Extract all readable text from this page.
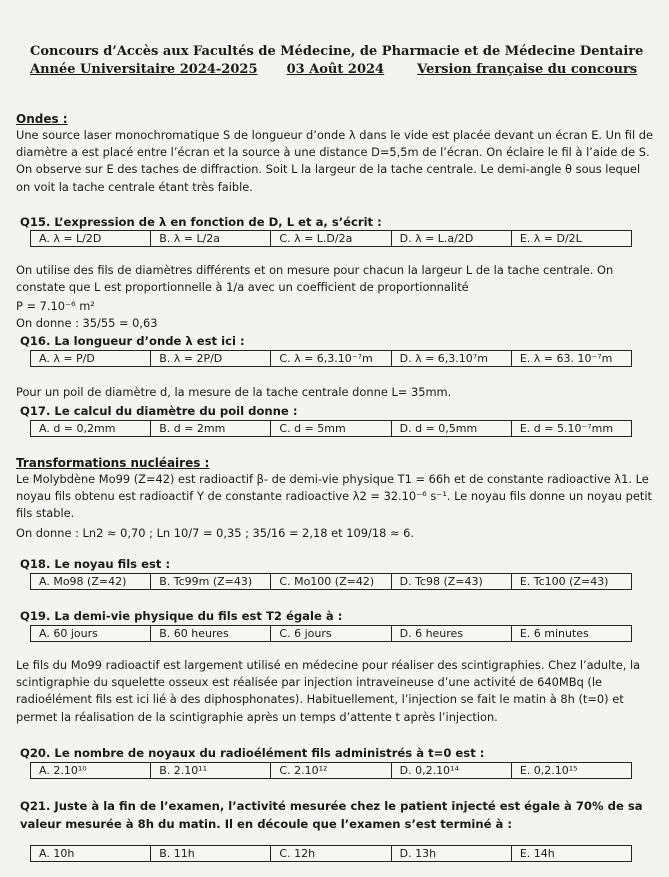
Concours d’Accès aux Facultés de Médecine, de Pharmacie et de Médecine Dentaire
Année Universitaire 2024-2025 03 Août 2024	Version française du concours
Ondes :
Une source laser monochromatique S de longueur d’onde λ dans le vide est placée devant un écran E. Un fil de diamètre a est placé entre l’écran et la source à une distance D=5,5m de l’écran. On éclaire le fil à l’aide de S. On observe sur E des taches de diffraction. Soit L la largeur de la tache centrale. Le demi-angle θ sous lequel on voit la tache centrale étant très faible.
Q15. L’expression de λ en fonction de D, L et a, s’écrit :
A. λ = L/2D	B. λ = L/2a	C. λ = L.D/2a	D. λ = L.a/2D	E. λ = D/2L
On utilise des fils de diamètres différents et on mesure pour chacun la largeur L de la tache centrale. On constate que L est proportionnelle à 1/a avec un coefficient de proportionnalité
P = 7.10⁻⁶ m²
On donne : 35/55 = 0,63
Q16. La longueur d’onde λ est ici :
A. λ = P/D	B. λ = 2P/D	C. λ = 6,3.10⁻⁷m	D. λ = 6,3.10⁷m	E. λ = 63. 10⁻⁷m
Pour un poil de diamètre d, la mesure de la tache centrale donne L= 35mm.
Q17. Le calcul du diamètre du poil donne :
A. d = 0,2mm	B. d = 2mm	C. d = 5mm	D. d = 0,5mm	E. d = 5.10⁻⁷mm
Transformations nucléaires :
Le Molybdène Mo99 (Z=42) est radioactif β- de demi-vie physique T1 = 66h et de constante radioactive λ1. Le noyau fils obtenu est radioactif Y de constante radioactive λ2 = 32.10⁻⁶ s⁻¹. Le noyau fils donne un noyau petit fils stable.
On donne : Ln2 ≈ 0,70 ; Ln 10/7 = 0,35 ; 35/16 = 2,18 et 109/18 ≈ 6.
Q18. Le noyau fils est :
A. Mo98 (Z=42)	B. Tc99m (Z=43)	C. Mo100 (Z=42)	D. Tc98 (Z=43)	E. Tc100 (Z=43)
Q19. La demi-vie physique du fils est T2 égale à :
A. 60 jours	B. 60 heures	C. 6 jours	D. 6 heures	E. 6 minutes
Le fils du Mo99 radioactif est largement utilisé en médecine pour réaliser des scintigraphies. Chez l’adulte, la scintigraphie du squelette osseux est réalisée par injection intraveineuse d’une activité de 640MBq (le radioélément fils est ici lié à des diphosphonates). Habituellement, l’injection se fait le matin à 8h (t=0) et permet la réalisation de la scintigraphie après un temps d’attente t après l’injection.
Q20. Le nombre de noyaux du radioélément fils administrés à t=0 est :
A. 2.10¹⁰	B. 2.10¹¹	C. 2.10¹²	D. 0,2.10¹⁴	E. 0,2.10¹⁵
Q21. Juste à la fin de l’examen, l’activité mesurée chez le patient injecté est égale à 70% de sa valeur mesurée à 8h du matin. Il en découle que l’examen s’est terminé à :
A. 10h	B. 11h	C. 12h	D. 13h	E. 14h
